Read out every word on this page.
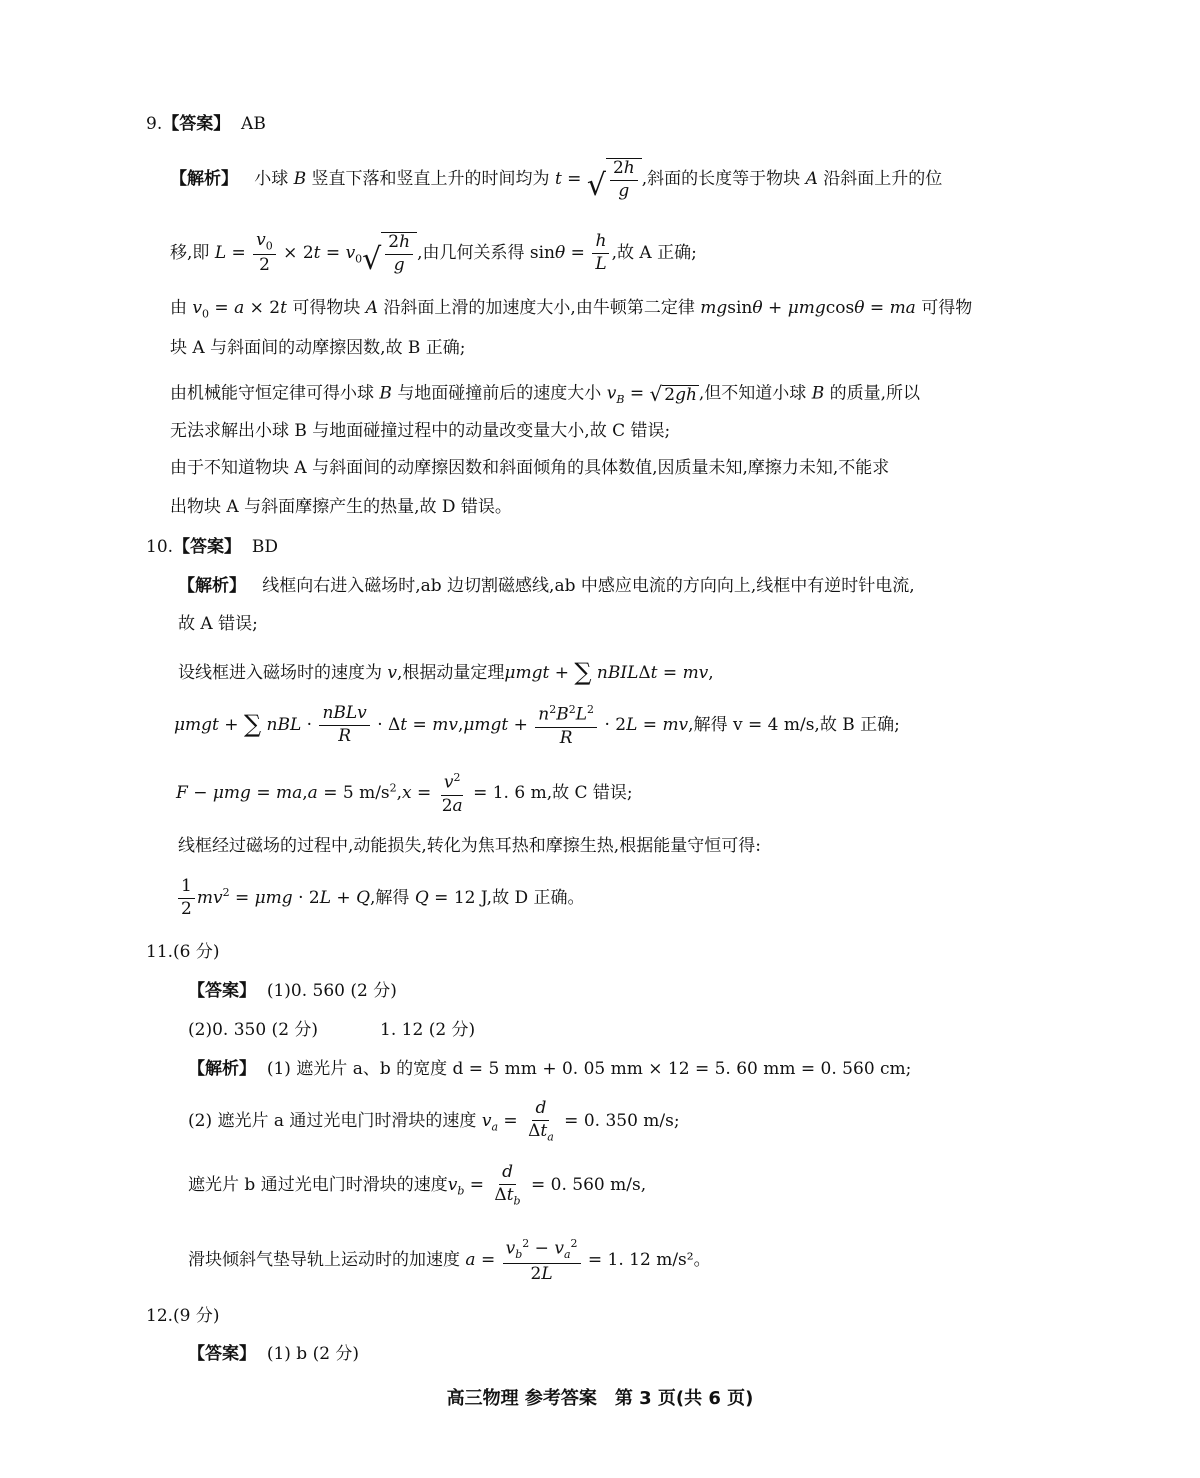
9.【答案】 AB
【解析】 小球 B 竖直下落和竖直上升的时间均为 t = √ $\frac{2h}{g}$ ,斜面的长度等于物块 A 沿斜面上升的位
移,即 $L = \frac{v_0}{2} \times 2t = v_0$ √ $\frac{2h}{g}$ ,由几何关系得 $\sin\theta = \frac{h}{L}$ ,故 A 正确;
由 $v_0 = a \times 2t$ 可得物块 A 沿斜面上滑的加速度大小,由牛顿第二定律 mgsinθ + μmgcosθ = ma 可得物
块 A 与斜面间的动摩擦因数,故 B 正确;
由机械能守恒定律可得小球 B 与地面碰撞前后的速度大小 $v_B$ = √ 2gh ,但不知道小球 B 的质量,所以
无法求解出小球 B 与地面碰撞过程中的动量改变量大小,故 C 错误;
由于不知道物块 A 与斜面间的动摩擦因数和斜面倾角的具体数值,因质量未知,摩擦力未知,不能求
出物块 A 与斜面摩擦产生的热量,故 D 错误。
10.【答案】 BD
【解析】 线框向右进入磁场时,ab 边切割磁感线,ab 中感应电流的方向向上,线框中有逆时针电流,
故 A 错误;
设线框进入磁场时的速度为 v,根据动量定理μmgt + ∑ nBILΔt = mv,
μmgt + ∑ nBL ·
nBLv
R
· $\Delta t = mv,\mu mgt + \frac{n^2B^2L^2}{R} \cdot 2L$ = mv,解得 v = 4 m/s,故 B 正确;
F − μmg = ma,a = 5 $m/s^2,x = \frac{v^2}{2a} = 1$. 6 m,故 C 错误;
线框经过磁场的过程中,动能损失,转化为焦耳热和摩擦生热,根据能量守恒可得:
$\frac{1}{2} mv^2 = \mu mg \cdot 2L + Q$,解得 Q = 12 J,故 D 正确。
11.(6 分)
【答案】 (1)0. 560 (2 分)
(2)0. 350 (2 分)	1. 12 (2 分)
【解析】 (1) 遮光片 a、b 的宽度 d = 5 mm + 0. 05 mm × 12 = 5. 60 mm = 0. 560 cm;
(2) 遮光片 a 通过光电门时滑块的速度 $v_a$ =
d
$\Delta t_a$
= 0. 350 m/s;
遮光片 b 通过光电门时滑块的速度$v_b$ =
d
$\Delta t_b$
= 0. 560 m/s,
滑块倾斜气垫导轨上运动时的加速度 $a = \frac{v_b^2 - v_a^2}{2L} = 1$. 12 m/s²。
12.(9 分)
【答案】 (1) b (2 分)
高三物理 参考答案　第 3 页(共 6 页)
